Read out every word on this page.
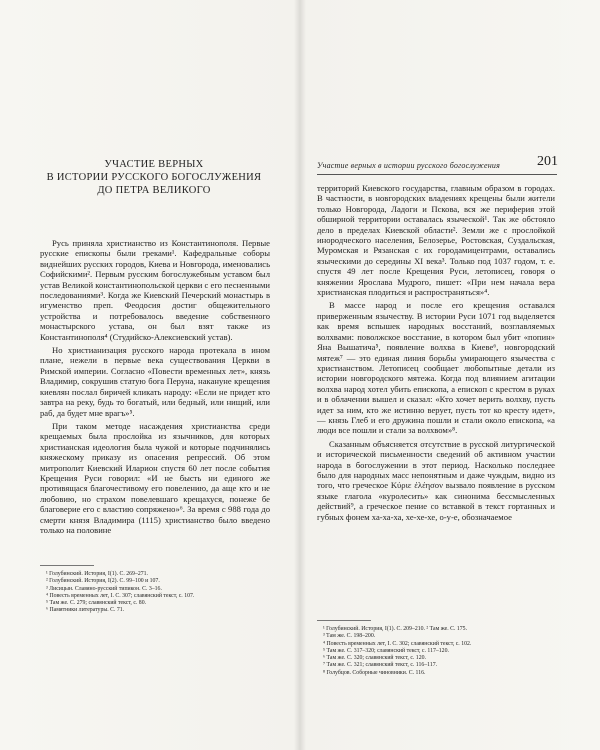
УЧАСТИЕ ВЕРНЫХ
В ИСТОРИИ РУССКОГО БОГОСЛУЖЕНИЯ
ДО ПЕТРА ВЕЛИКОГО

Русь приняла христианство из Константинополя. Первые русские епископы были греками¹. Кафедральные соборы виднейших русских городов, Киева и Новгорода, именовались Софийскими². Первым русским богослужебным уставом был устав Великой константинопольской церкви с его песненными последованиями³. Когда же Киевский Печерский монастырь в игуменство преп. Феодосия достиг общежительного устройства и потребовалось введение собственного монастырского устава, он был взят также из Константинополя⁴ (Студийско-Алексиевский устав).

Но христианизация русского народа протекала в ином плане, нежели в первые века существования Церкви в Римской империи. Согласно «Повести временных лет», князь Владимир, сокрушив статую бога Перуна, накануне крещения киевлян послал биричей кликать народу: «Если не придет кто завтра на реку, будь то богатый, или бедный, или нищий, или раб, да будет мне врагъ»⁵.

При таком методе насаждения христианства среди крещаемых была прослойка из язычников, для которых христианская идеология была чужой и которые подчинялись княжескому приказу из опасения репрессий. Об этом митрополит Киевский Иларион спустя 60 лет после события Крещения Руси говорил: «И не бысть ни единого же противящася благочестивому его повелению, да аще кто и не любовию, но страхом повелевшаго крещахуся, понеже бе благоверие его с властию сопряжено»⁶. За время с 988 года до смерти князя Владимира (1115) христианство было введено только на половине

¹ Голубинский. История, I(1). С. 269–271.
² Голубинский. История, I(2). С. 99–100 и 107.
³ Лисицын. Славяно-русский типикон. С. 3–16.
⁴ Повесть временных лет, I. С. 307; славянский текст, с. 107.
⁵ Там же. С. 279; славянский текст, с. 80.
⁶ Памятники литературы. С. 71.
Участие верных в истории русского богослужения	201

территорий Киевского государства, главным образом в городах. В частности, в новгородских владениях крещены были жители только Новгорода, Ладоги и Пскова, вся же периферия этой обширной территории оставалась языческой¹. Так же обстояло дело в пределах Киевской области². Земли же с прослойкой инородческого населения, Белозерье, Ростовская, Суздальская, Муромская и Рязанская с их городамицентрами, оставались языческими до середины XI века³. Только под 1037 годом, т. е. спустя 49 лет после Крещения Руси, летописец, говоря о княжении Ярослава Мудрого, пишет: «При нем начала вера христианская плодиться и распространяться»⁴.

В массе народ и после его крещения оставался приверженным язычеству. В истории Руси 1071 год выделяется как время вспышек народных восстаний, возглавляемых волхвами: поволжское восстание, в котором был убит «попин» Яна Вышатича⁵, появление волхва в Киеве⁶, новгородский мятеж⁷ — это единая линия борьбы умирающего язычества с христианством. Летописец сообщает любопытные детали из истории новгородского мятежа. Когда под влиянием агитации волхва народ хотел убить епископа, а епископ с крестом в руках и в облачении вышел и сказал: «Кто хочет верить волхву, пусть идет за ним, кто же истинно верует, пусть тот ко кресту идет», — князь Глеб и его дружина пошли и стали около епископа, «а люди все пошли и стали за волхвом»⁸.

Сказанным объясняется отсутствие в русской литургической и исторической письменности сведений об активном участии народа в богослужении в этот период. Насколько последнее было для народных масс непонятным и даже чуждым, видно из того, что греческое Κύριε ἐλέησον вызвало появление в русском языке глагола «куролесить» как синонима бессмысленных действий⁹, а греческое пение со вставкой в текст гортанных и губных фонем ха-ха-ха, хе-хе-хе, о-у-е, обозначаемое

¹ Голубинский. История, I(1). С. 209–210. ² Там же. С. 175.
³ Там же. С. 198–200.
⁴ Повесть временных лет, I. С. 302; славянский текст, с. 102.
⁵ Там же. С. 317–320; славянский текст, с. 117–120.
⁶ Там же. С. 320; славянский текст, с. 120.
⁷ Там же. С. 321; славянский текст, с. 116–117.
⁸ Голубцов. Соборные чиновники. С. 116.
